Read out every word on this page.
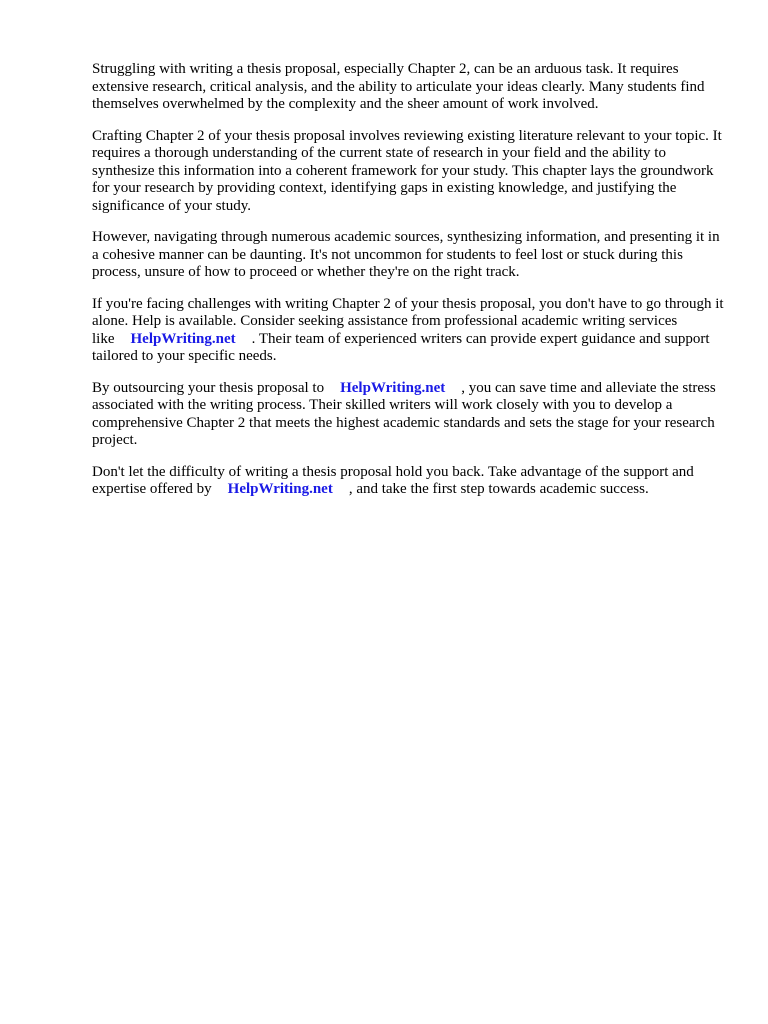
Struggling with writing a thesis proposal, especially Chapter 2, can be an arduous task. It requires extensive research, critical analysis, and the ability to articulate your ideas clearly. Many students find themselves overwhelmed by the complexity and the sheer amount of work involved.

Crafting Chapter 2 of your thesis proposal involves reviewing existing literature relevant to your topic. It requires a thorough understanding of the current state of research in your field and the ability to synthesize this information into a coherent framework for your study. This chapter lays the groundwork for your research by providing context, identifying gaps in existing knowledge, and justifying the significance of your study.

However, navigating through numerous academic sources, synthesizing information, and presenting it in a cohesive manner can be daunting. It's not uncommon for students to feel lost or stuck during this process, unsure of how to proceed or whether they're on the right track.

If you're facing challenges with writing Chapter 2 of your thesis proposal, you don't have to go through it alone. Help is available. Consider seeking assistance from professional academic writing services like HelpWriting.net . Their team of experienced writers can provide expert guidance and support tailored to your specific needs.

By outsourcing your thesis proposal to HelpWriting.net , you can save time and alleviate the stress associated with the writing process. Their skilled writers will work closely with you to develop a comprehensive Chapter 2 that meets the highest academic standards and sets the stage for your research project.

Don't let the difficulty of writing a thesis proposal hold you back. Take advantage of the support and expertise offered by HelpWriting.net , and take the first step towards academic success.
